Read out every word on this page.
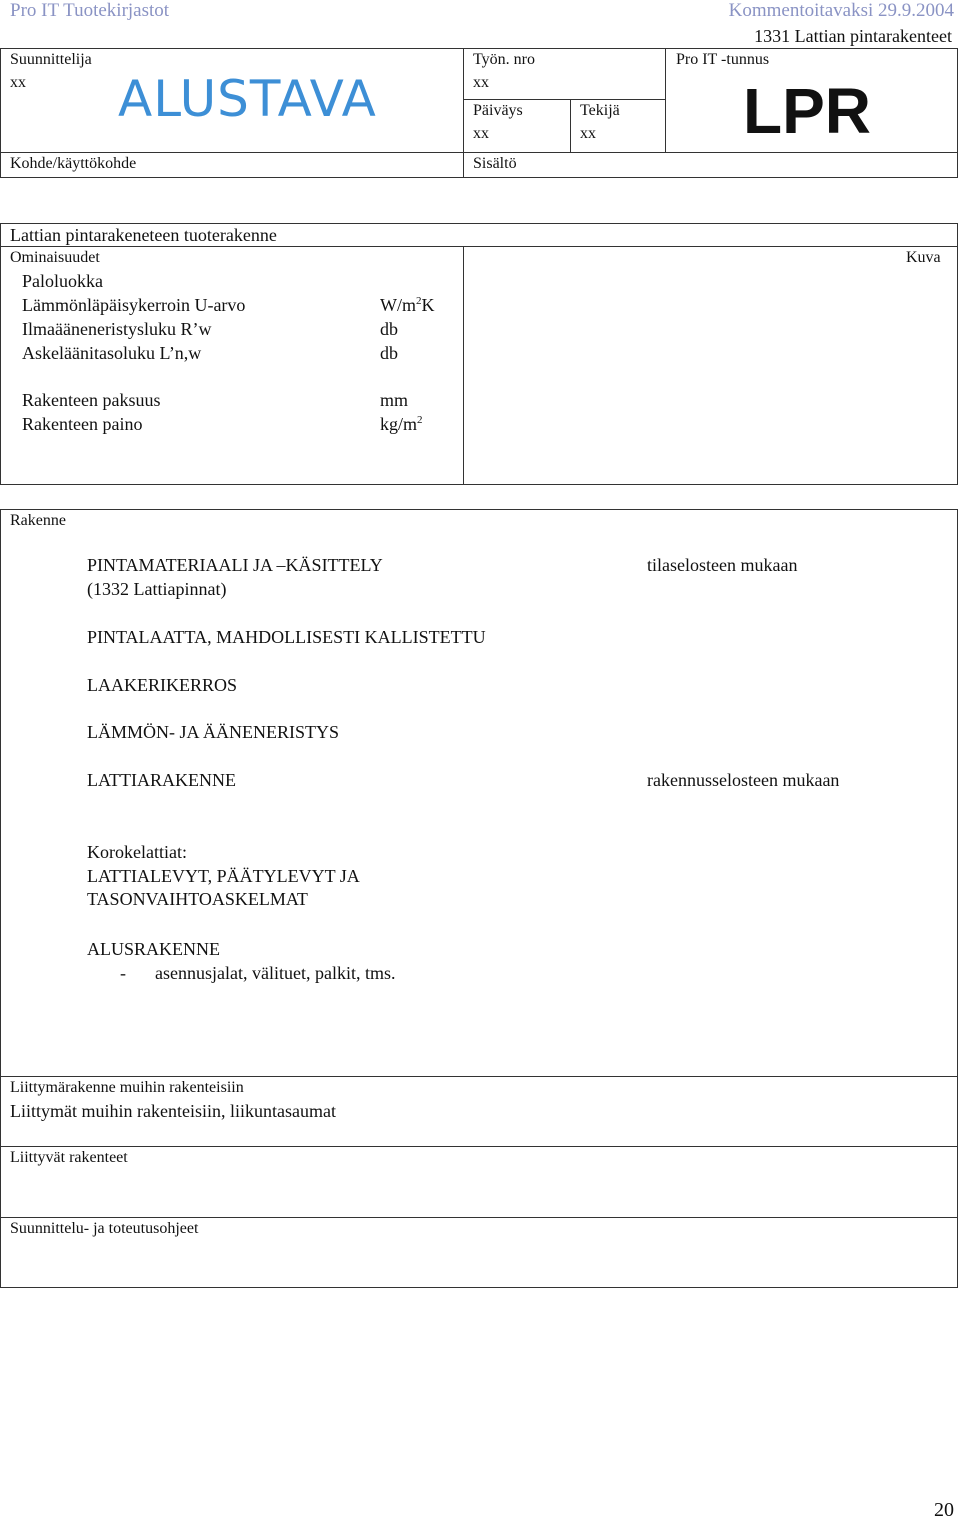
Pro IT Tuotekirjastot	Kommentoitavaksi 29.9.2004
1331 Lattian pintarakenteet
Suunnittelija
xx ALUSTAVA
Kohde/käyttökohde
Työn. nro
xx
Päiväys
xx
Tekijä
xx
Sisältö
Pro IT -tunnus
LPR
Lattian pintarakeneteen tuoterakenne
Ominaisuudet	Kuva
Paloluokka
Lämmönläpäisykerroin U-arvo	$W/m^2K$
Ilmaääneneristysluku R’w	db
Askeläänitasoluku L’n,w	db
Rakenteen paksuus	mm
Rakenteen paino	$kg/m^2$
Rakenne
PINTAMATERIAALI JA –KÄSITTELY
(1332 Lattiapinnat)
tilaselosteen mukaan
PINTALAATTA, MAHDOLLISESTI KALLISTETTU
LAAKERIKERROS
LÄMMÖN- JA ÄÄNENERISTYS
LATTIARAKENNE	rakennusselosteen mukaan
Korokelattiat:
LATTIALEVYT, PÄÄTYLEVYT JA
TASONVAIHTOASKELMAT
ALUSRAKENNE
- asennusjalat, välituet, palkit, tms.
Liittymärakenne muihin rakenteisiin
Liittymät muihin rakenteisiin, liikuntasaumat
Liittyvät rakenteet
Suunnittelu- ja toteutusohjeet
20
